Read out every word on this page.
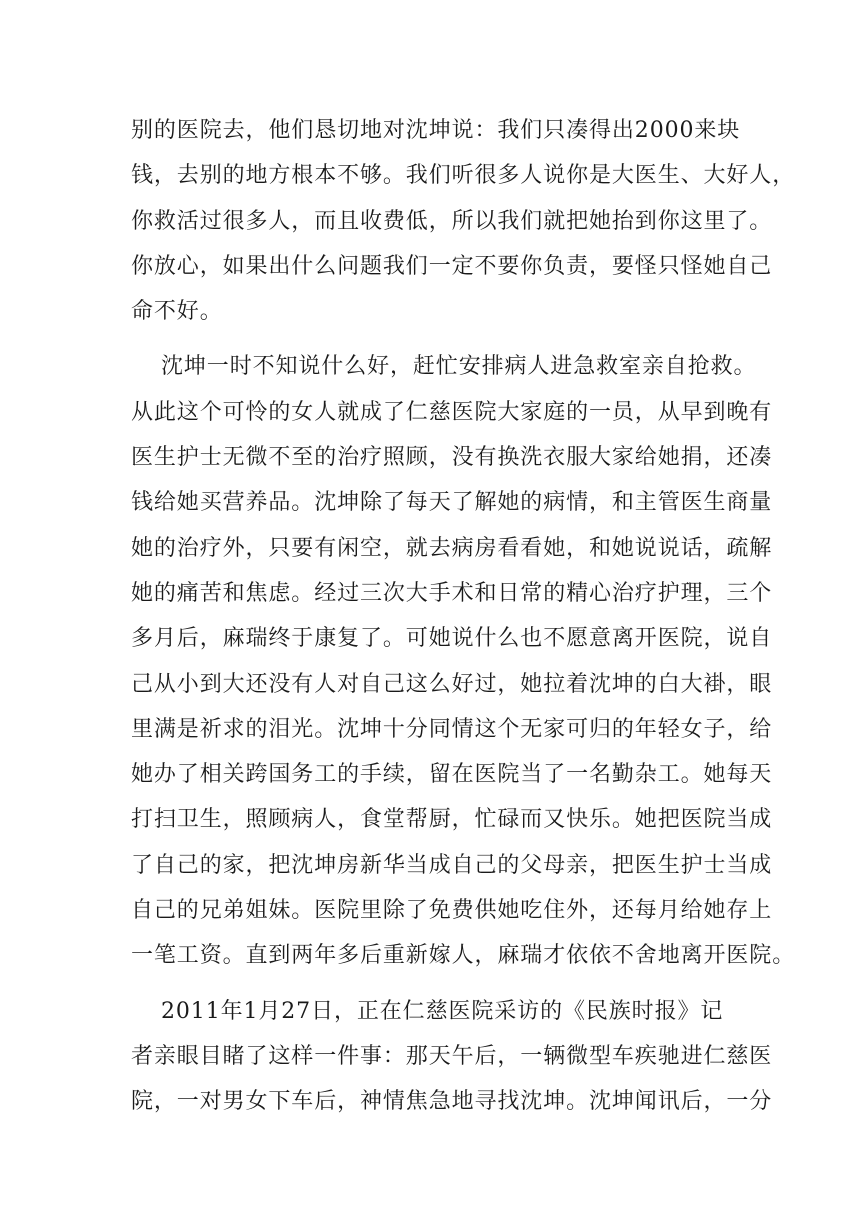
别的医院去，他们恳切地对沈坤说：我们只凑得出2000来块
钱，去别的地方根本不够。我们听很多人说你是大医生、大好人，
你救活过很多人，而且收费低，所以我们就把她抬到你这里了。
你放心，如果出什么问题我们一定不要你负责，要怪只怪她自己
命不好。

沈坤一时不知说什么好，赶忙安排病人进急救室亲自抢救。
从此这个可怜的女人就成了仁慈医院大家庭的一员，从早到晚有
医生护士无微不至的治疗照顾，没有换洗衣服大家给她捐，还凑
钱给她买营养品。沈坤除了每天了解她的病情，和主管医生商量
她的治疗外，只要有闲空，就去病房看看她，和她说说话，疏解
她的痛苦和焦虑。经过三次大手术和日常的精心治疗护理，三个
多月后，麻瑞终于康复了。可她说什么也不愿意离开医院，说自
己从小到大还没有人对自己这么好过，她拉着沈坤的白大褂，眼
里满是祈求的泪光。沈坤十分同情这个无家可归的年轻女子，给
她办了相关跨国务工的手续，留在医院当了一名勤杂工。她每天
打扫卫生，照顾病人，食堂帮厨，忙碌而又快乐。她把医院当成
了自己的家，把沈坤房新华当成自己的父母亲，把医生护士当成
自己的兄弟姐妹。医院里除了免费供她吃住外，还每月给她存上
一笔工资。直到两年多后重新嫁人，麻瑞才依依不舍地离开医院。

2011年1月27日，正在仁慈医院采访的《民族时报》记
者亲眼目睹了这样一件事：那天午后，一辆微型车疾驰进仁慈医
院，一对男女下车后，神情焦急地寻找沈坤。沈坤闻讯后，一分
